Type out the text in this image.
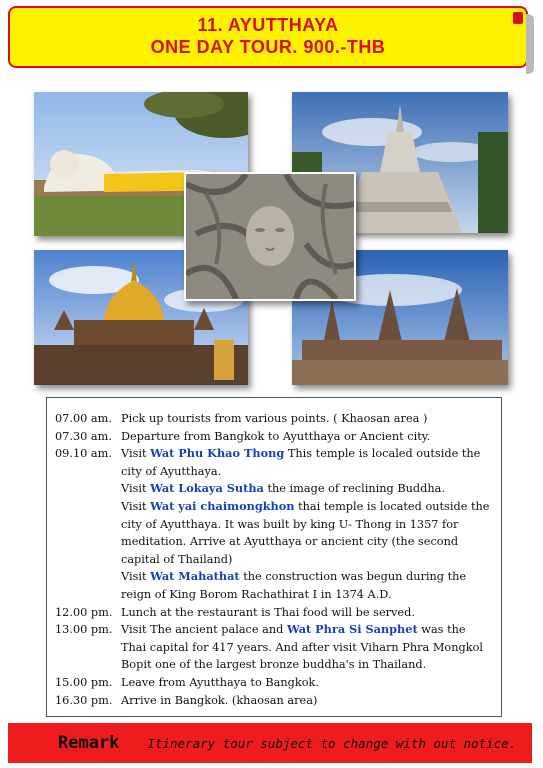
11. AYUTTHAYA
ONE DAY TOUR. 900.-THB
07.00 am. Pick up tourists from various points. ( Khaosan area )
07.30 am. Departure from Bangkok to Ayutthaya or Ancient city.
09.10 am. Visit Wat Phu Khao Thong This temple is localed outside the
city of Ayutthaya.
Visit Wat Lokaya Sutha the image of reclining Buddha.
Visit Wat yai chaimongkhon thai temple is located outside the
city of Ayutthaya. It was built by king U- Thong in 1357 for
meditation. Arrive at Ayutthaya or ancient city (the second
capital of Thailand)
Visit Wat Mahathat the construction was begun during the
reign of King Borom Rachathirat I in 1374 A.D.
12.00 pm. Lunch at the restaurant is Thai food will be served.
13.00 pm. Visit The ancient palace and Wat Phra Si Sanphet was the
Thai capital for 417 years. And after visit Viharn Phra Mongkol
Bopit one of the largest bronze buddha's in Thailand.
15.00 pm. Leave from Ayutthaya to Bangkok.
16.30 pm. Arrive in Bangkok. (khaosan area)
Remark Itinerary tour subject to change with out notice.
